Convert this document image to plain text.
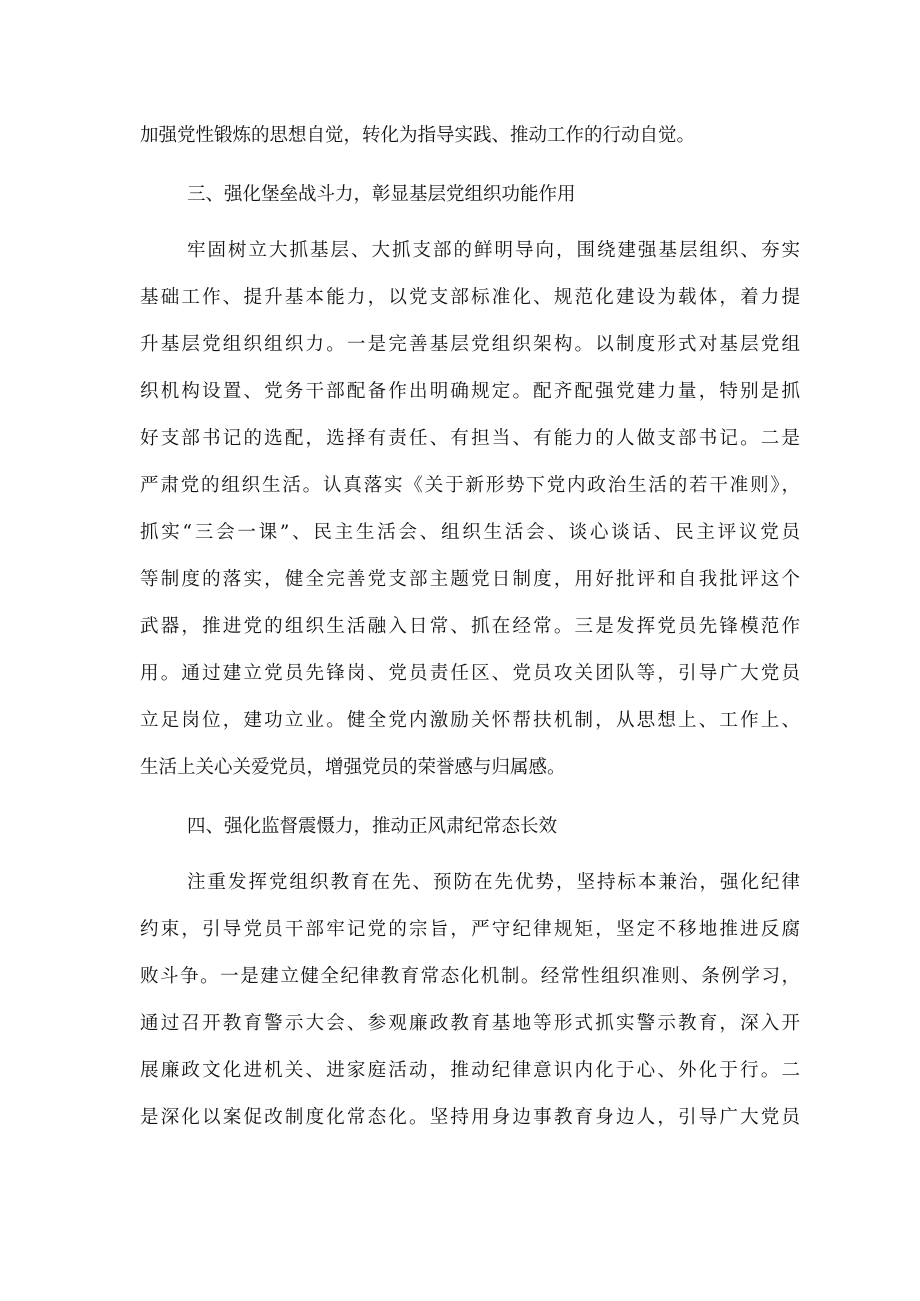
加强党性锻炼的思想自觉，转化为指导实践、推动工作的行动自觉。
三、强化堡垒战斗力，彰显基层党组织功能作用
牢固树立大抓基层、大抓支部的鲜明导向，围绕建强基层组织、夯实
基础工作、提升基本能力，以党支部标准化、规范化建设为载体，着力提
升基层党组织组织力。一是完善基层党组织架构。以制度形式对基层党组
织机构设置、党务干部配备作出明确规定。配齐配强党建力量，特别是抓
好支部书记的选配，选择有责任、有担当、有能力的人做支部书记。二是
严肃党的组织生活。认真落实《关于新形势下党内政治生活的若干准则》，
抓实“三会一课”、民主生活会、组织生活会、谈心谈话、民主评议党员
等制度的落实，健全完善党支部主题党日制度，用好批评和自我批评这个
武器，推进党的组织生活融入日常、抓在经常。三是发挥党员先锋模范作
用。通过建立党员先锋岗、党员责任区、党员攻关团队等，引导广大党员
立足岗位，建功立业。健全党内激励关怀帮扶机制，从思想上、工作上、
生活上关心关爱党员，增强党员的荣誉感与归属感。
四、强化监督震慑力，推动正风肃纪常态长效
注重发挥党组织教育在先、预防在先优势，坚持标本兼治，强化纪律
约束，引导党员干部牢记党的宗旨，严守纪律规矩，坚定不移地推进反腐
败斗争。一是建立健全纪律教育常态化机制。经常性组织准则、条例学习，
通过召开教育警示大会、参观廉政教育基地等形式抓实警示教育，深入开
展廉政文化进机关、进家庭活动，推动纪律意识内化于心、外化于行。二
是深化以案促改制度化常态化。坚持用身边事教育身边人，引导广大党员
